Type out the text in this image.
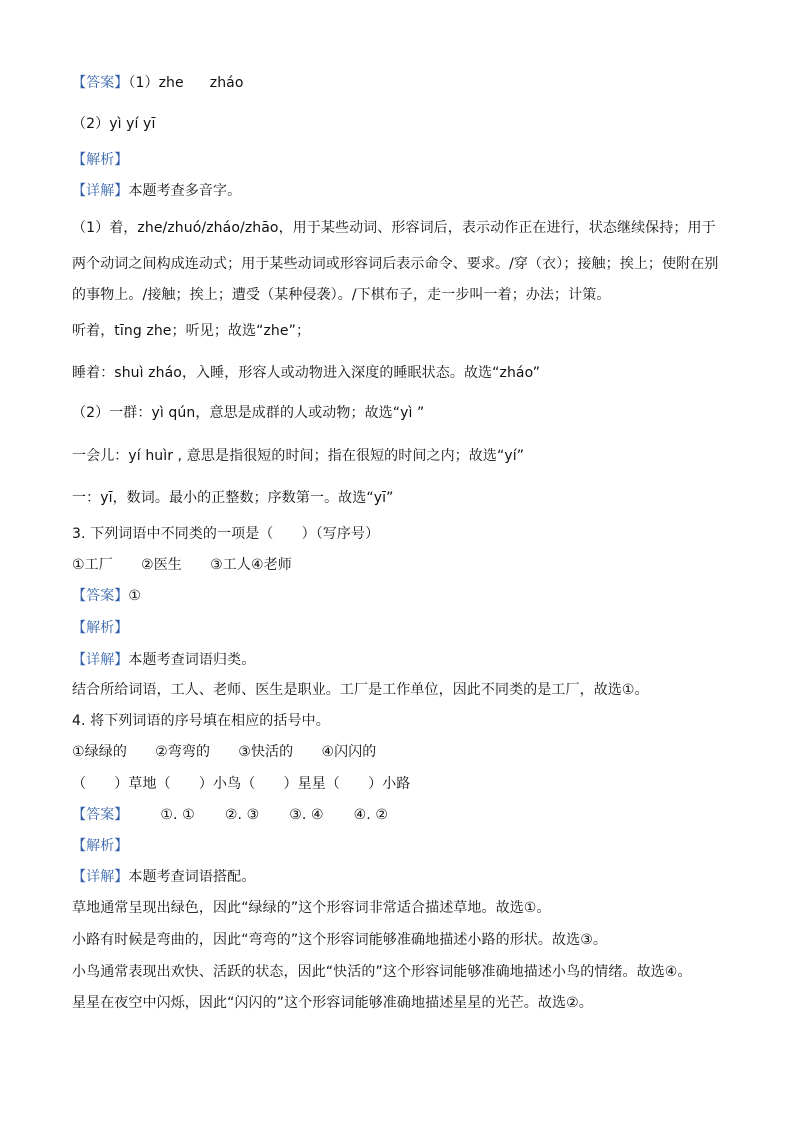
【答案】（1）zhe zháo
（2）yì yí yī
【解析】
【详解】本题考查多音字。
（1）着，zhe/zhuó/zháo/zhāo，用于某些动词、形容词后，表示动作正在进行，状态继续保持；用于
两个动词之间构成连动式；用于某些动词或形容词后表示命令、要求。/穿（衣）；接触；挨上；使附在别
的事物上。/接触；挨上；遭受（某种侵袭）。/下棋布子，走一步叫一着；办法；计策。
听着，tīng zhe；听见；故选“zhe”；
睡着：shuì zháo，入睡，形容人或动物进入深度的睡眠状态。故选“zháo”
（2）一群：yì qún，意思是成群的人或动物；故选“yì ”
一会儿：yí huìr , 意思是指很短的时间；指在很短的时间之内；故选“yí”
一：yī，数词。最小的正整数；序数第一。故选“yī”
3. 下列词语中不同类的一项是（　　）（写序号）
①工厂　　②医生　　③工人④老师
【答案】①
【解析】
【详解】本题考查词语归类。
结合所给词语，工人、老师、医生是职业。工厂是工作单位，因此不同类的是工厂，故选①。
4. 将下列词语的序号填在相应的括号中。
①绿绿的　　②弯弯的　　③快活的　　④闪闪的
（　　）草地（　　）小鸟（　　）星星（　　）小路
【答案】 ①. ① ②. ③ ③. ④ ④. ②
【解析】
【详解】本题考查词语搭配。
草地通常呈现出绿色，因此“绿绿的”这个形容词非常适合描述草地。故选①。
小路有时候是弯曲的，因此“弯弯的”这个形容词能够准确地描述小路的形状。故选③。
小鸟通常表现出欢快、活跃的状态，因此“快活的”这个形容词能够准确地描述小鸟的情绪。故选④。
星星在夜空中闪烁，因此“闪闪的”这个形容词能够准确地描述星星的光芒。故选②。
